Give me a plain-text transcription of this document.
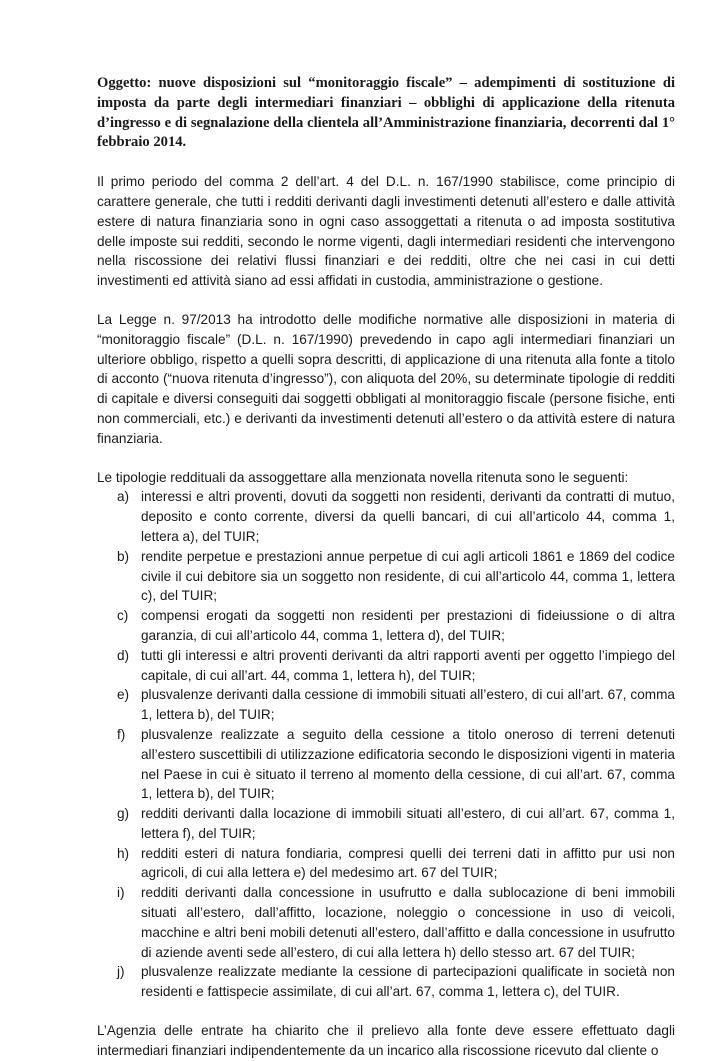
Oggetto: nuove disposizioni sul “monitoraggio fiscale” – adempimenti di sostituzione di imposta da parte degli intermediari finanziari – obblighi di applicazione della ritenuta d’ingresso e di segnalazione della clientela all’Amministrazione finanziaria, decorrenti dal 1° febbraio 2014.

Il primo periodo del comma 2 dell’art. 4 del D.L. n. 167/1990 stabilisce, come principio di carattere generale, che tutti i redditi derivanti dagli investimenti detenuti all’estero e dalle attività estere di natura finanziaria sono in ogni caso assoggettati a ritenuta o ad imposta sostitutiva delle imposte sui redditi, secondo le norme vigenti, dagli intermediari residenti che intervengono nella riscossione dei relativi flussi finanziari e dei redditi, oltre che nei casi in cui detti investimenti ed attività siano ad essi affidati in custodia, amministrazione o gestione.

La Legge n. 97/2013 ha introdotto delle modifiche normative alle disposizioni in materia di “monitoraggio fiscale” (D.L. n. 167/1990) prevedendo in capo agli intermediari finanziari un ulteriore obbligo, rispetto a quelli sopra descritti, di applicazione di una ritenuta alla fonte a titolo di acconto (“nuova ritenuta d’ingresso”), con aliquota del 20%, su determinate tipologie di redditi di capitale e diversi conseguiti dai soggetti obbligati al monitoraggio fiscale (persone fisiche, enti non commerciali, etc.) e derivanti da investimenti detenuti all’estero o da attività estere di natura finanziaria.

Le tipologie reddituali da assoggettare alla menzionata novella ritenuta sono le seguenti:

a) interessi e altri proventi, dovuti da soggetti non residenti, derivanti da contratti di mutuo, deposito e conto corrente, diversi da quelli bancari, di cui all’articolo 44, comma 1, lettera a), del TUIR;
b) rendite perpetue e prestazioni annue perpetue di cui agli articoli 1861 e 1869 del codice civile il cui debitore sia un soggetto non residente, di cui all’articolo 44, comma 1, lettera c), del TUIR;
c) compensi erogati da soggetti non residenti per prestazioni di fideiussione o di altra garanzia, di cui all’articolo 44, comma 1, lettera d), del TUIR;
d) tutti gli interessi e altri proventi derivanti da altri rapporti aventi per oggetto l’impiego del capitale, di cui all’art. 44, comma 1, lettera h), del TUIR;
e) plusvalenze derivanti dalla cessione di immobili situati all’estero, di cui all’art. 67, comma 1, lettera b), del TUIR;
f) plusvalenze realizzate a seguito della cessione a titolo oneroso di terreni detenuti all’estero suscettibili di utilizzazione edificatoria secondo le disposizioni vigenti in materia nel Paese in cui è situato il terreno al momento della cessione, di cui all’art. 67, comma 1, lettera b), del TUIR;
g) redditi derivanti dalla locazione di immobili situati all’estero, di cui all’art. 67, comma 1, lettera f), del TUIR;
h) redditi esteri di natura fondiaria, compresi quelli dei terreni dati in affitto pur usi non agricoli, di cui alla lettera e) del medesimo art. 67 del TUIR;
i) redditi derivanti dalla concessione in usufrutto e dalla sublocazione di beni immobili situati all’estero, dall’affitto, locazione, noleggio o concessione in uso di veicoli, macchine e altri beni mobili detenuti all’estero, dall’affitto e dalla concessione in usufrutto di aziende aventi sede all’estero, di cui alla lettera h) dello stesso art. 67 del TUIR;
j) plusvalenze realizzate mediante la cessione di partecipazioni qualificate in società non residenti e fattispecie assimilate, di cui all’art. 67, comma 1, lettera c), del TUIR.

L’Agenzia delle entrate ha chiarito che il prelievo alla fonte deve essere effettuato dagli intermediari finanziari indipendentemente da un incarico alla riscossione ricevuto dal cliente o
